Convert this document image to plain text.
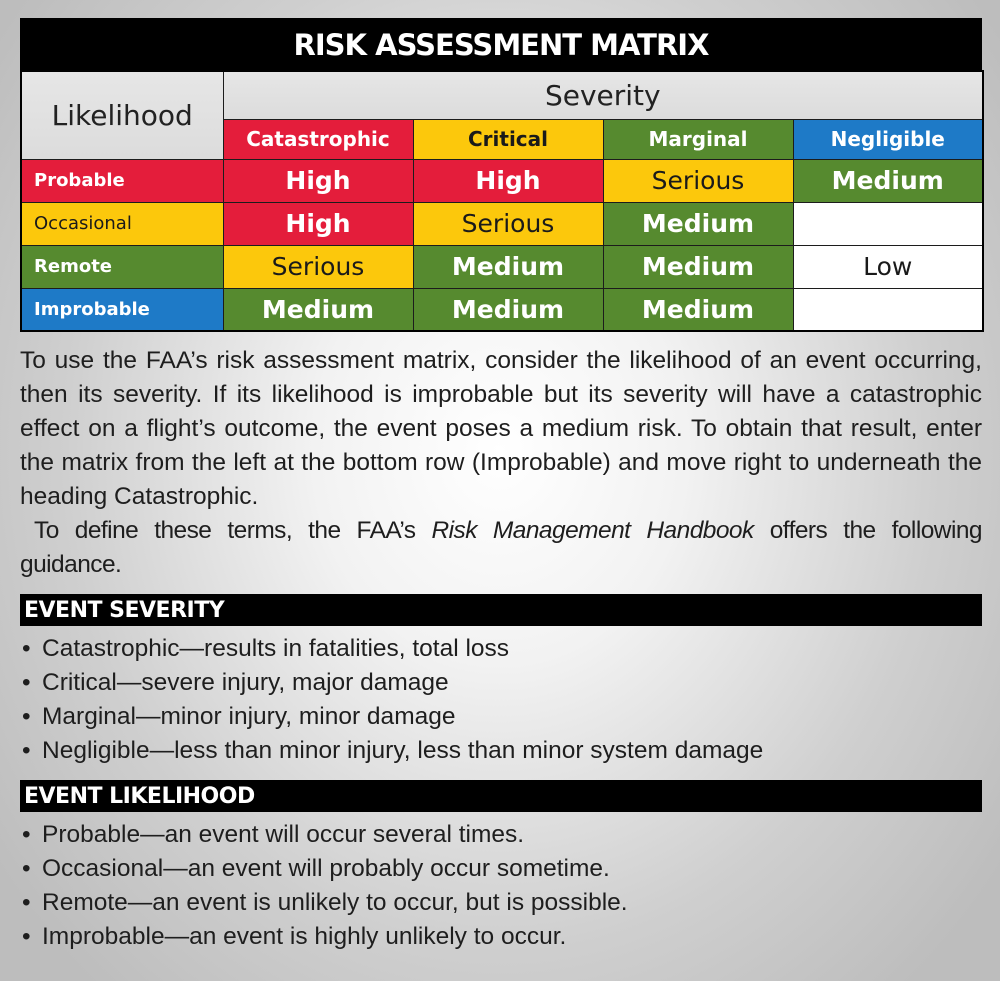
RISK ASSESSMENT MATRIX
Likelihood	Severity			
	Catastrophic	Critical	Marginal	Negligible
Probable	High	High	Serious	Medium
Occasional	High	Serious	Medium	
Remote	Serious	Medium	Medium	Low
Improbable	Medium	Medium	Medium	

To use the FAA’s risk assessment matrix, consider the likelihood of an event occurring, then its severity. If its likelihood is improbable but its severity will have a catastrophic effect on a flight’s outcome, the event poses a medium risk. To obtain that result, enter the matrix from the left at the bottom row (Improbable) and move right to underneath the heading Catastrophic.

To define these terms, the FAA’s Risk Management Handbook offers the following guidance.

EVENT SEVERITY
• Catastrophic—results in fatalities, total loss
• Critical—severe injury, major damage
• Marginal—minor injury, minor damage
• Negligible—less than minor injury, less than minor system damage
EVENT LIKELIHOOD
• Probable—an event will occur several times.
• Occasional—an event will probably occur sometime.
• Remote—an event is unlikely to occur, but is possible.
• Improbable—an event is highly unlikely to occur.
